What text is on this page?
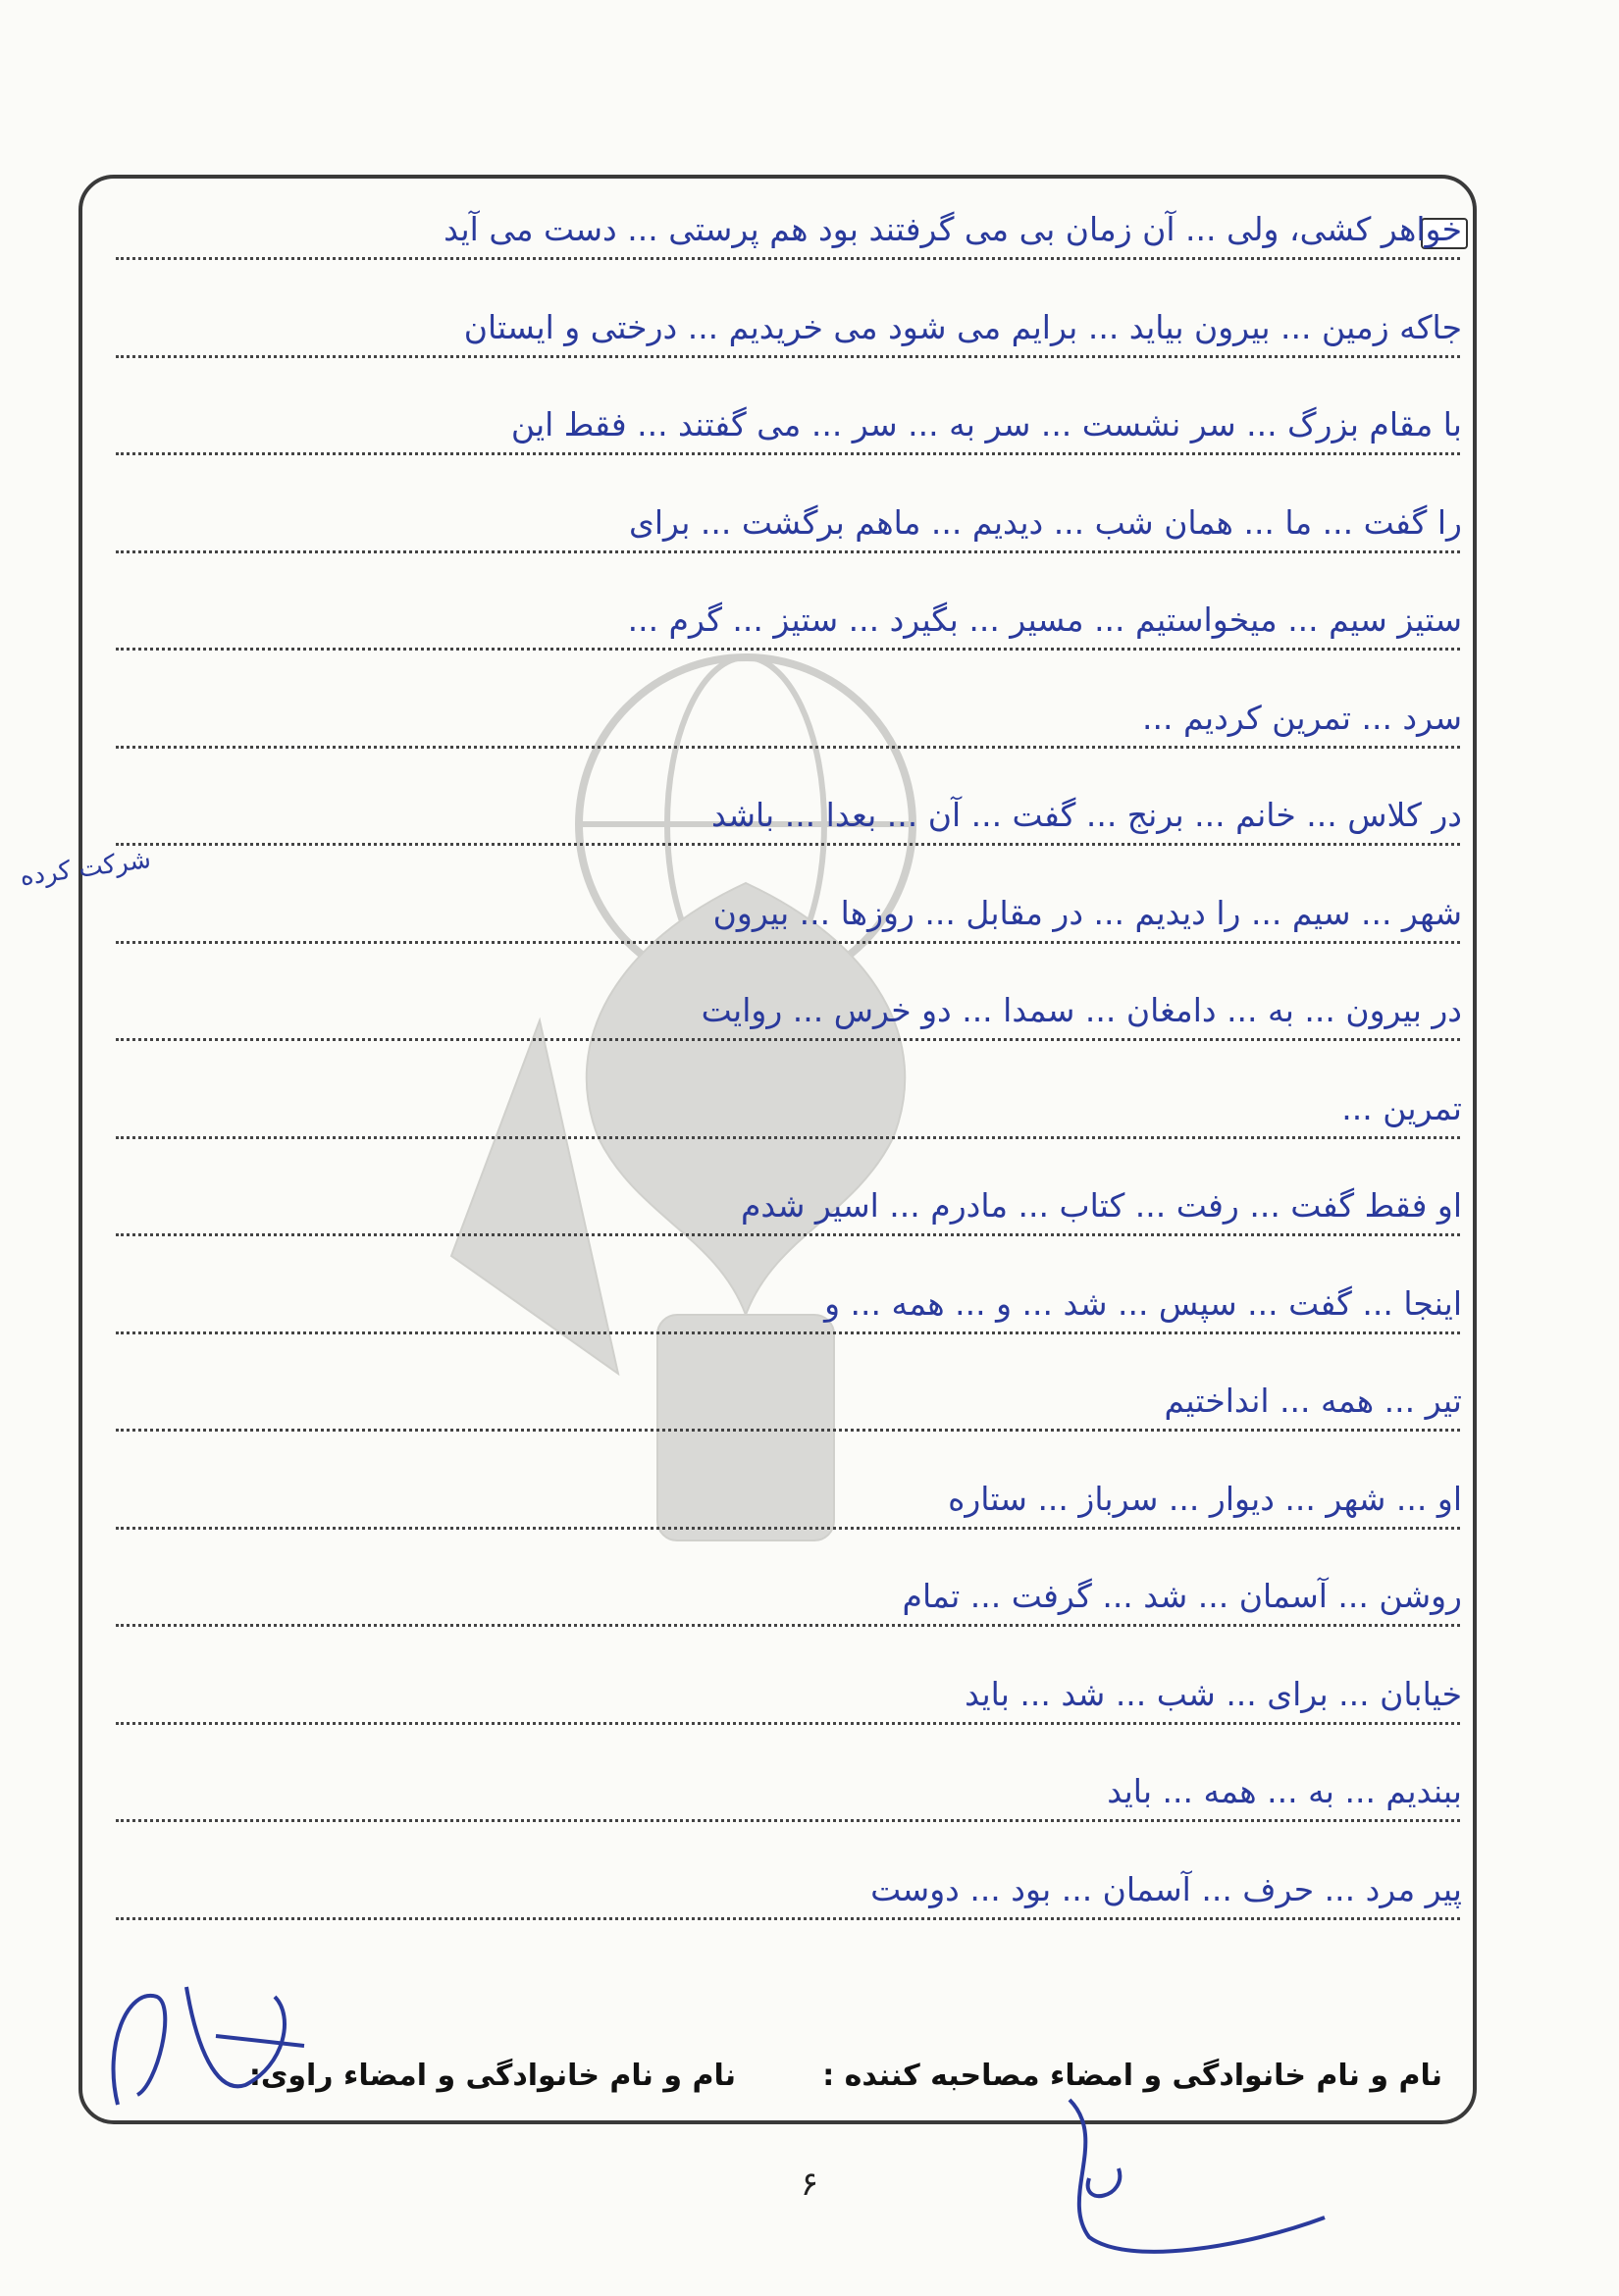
خواهر کشی، ولی ... آن زمان بی می گرفتند بود هم پرستی ... دست می آید
جاکه زمین ... بیرون بیاید ... برایم می شود می خریدیم ... درختی و ایستان
با مقام بزرگ ... سر نشست ... سر به ... سر ... می گفتند ... فقط این
را گفت ... ما ... همان شب ... دیدیم ... ماهم برگشت ... برای
ستیز سیم ... میخواستیم ... مسیر ... بگیرد ... ستیز ... گرم ...
سرد ... تمرین کردیم ...
در کلاس ... خانم ... برنج ... گفت ... آن ... بعدا ... باشد
شهر ... سیم ... را دیدیم ... در مقابل ... روزها ... بیرون
در بیرون ... به ... دامغان ... سمدا ... دو خرس ... روایت
تمرین ...
او فقط گفت ... رفت ... کتاب ... مادرم ... اسیر شدم
اینجا ... گفت ... سپس ... شد ... و ... همه ... و
تیر ... همه ... انداختیم
او ... شهر ... دیوار ... سرباز ... ستاره
روشن ... آسمان ... شد ... گرفت ... تمام
خیابان ... برای ... شب ... شد ... باید
ببندیم ... به ... همه ... باید
پیر مرد ... حرف ... آسمان ... بود ... دوست
شرکت کرده
نام و نام خانوادگی و امضاء مصاحبه کننده :
نام و نام خانوادگی و امضاء راوی:
۶
